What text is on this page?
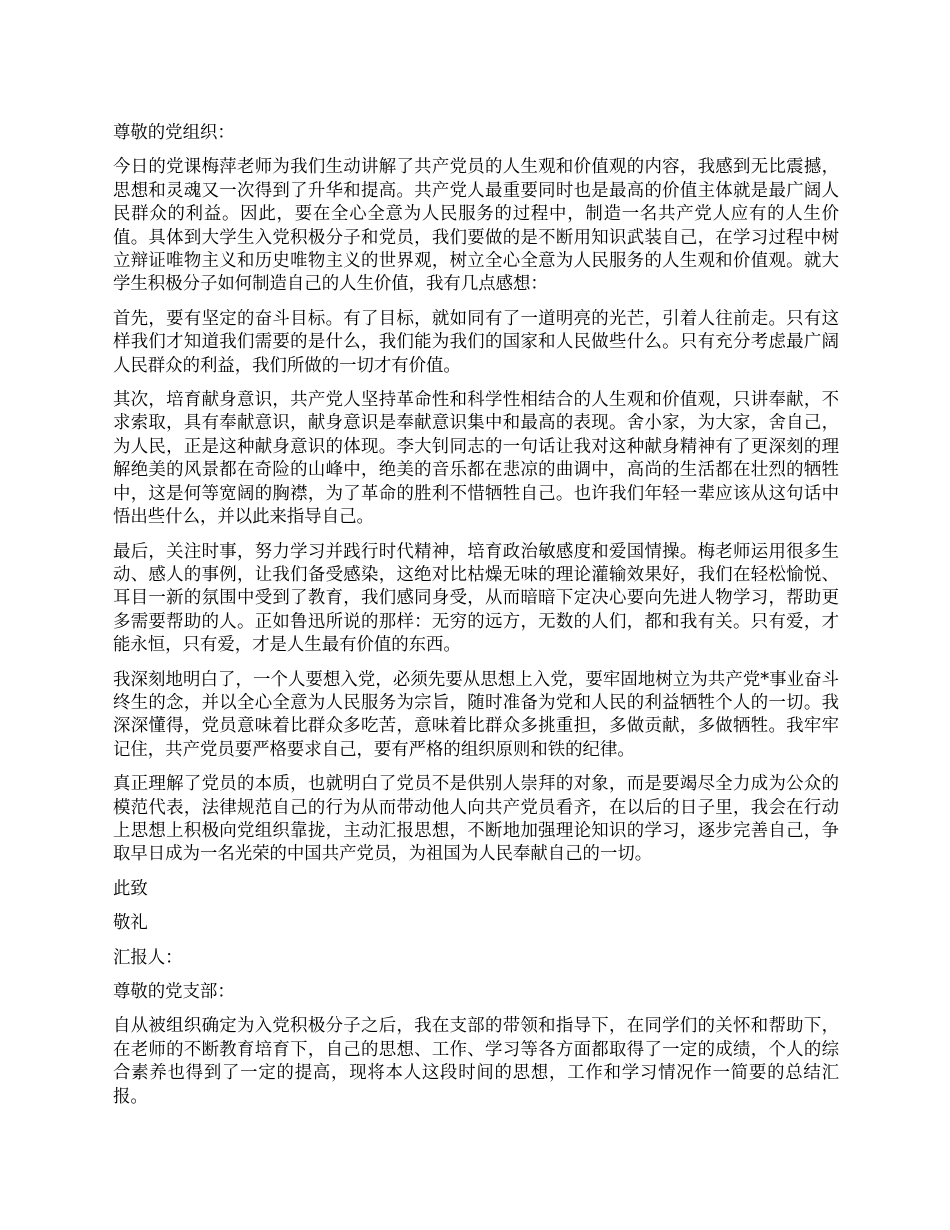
尊敬的党组织：

今日的党课梅萍老师为我们生动讲解了共产党员的人生观和价值观的内容，我感到无比震撼，思想和灵魂又一次得到了升华和提高。共产党人最重要同时也是最高的价值主体就是最广阔人民群众的利益。因此，要在全心全意为人民服务的过程中，制造一名共产党人应有的人生价值。具体到大学生入党积极分子和党员，我们要做的是不断用知识武装自己，在学习过程中树立辩证唯物主义和历史唯物主义的世界观，树立全心全意为人民服务的人生观和价值观。就大学生积极分子如何制造自己的人生价值，我有几点感想：

首先，要有坚定的奋斗目标。有了目标，就如同有了一道明亮的光芒，引着人往前走。只有这样我们才知道我们需要的是什么，我们能为我们的国家和人民做些什么。只有充分考虑最广阔人民群众的利益，我们所做的一切才有价值。

其次，培育献身意识，共产党人坚持革命性和科学性相结合的人生观和价值观，只讲奉献，不求索取，具有奉献意识，献身意识是奉献意识集中和最高的表现。舍小家，为大家，舍自己，为人民，正是这种献身意识的体现。李大钊同志的一句话让我对这种献身精神有了更深刻的理解绝美的风景都在奇险的山峰中，绝美的音乐都在悲凉的曲调中，高尚的生活都在壮烈的牺牲中，这是何等宽阔的胸襟，为了革命的胜利不惜牺牲自己。也许我们年轻一辈应该从这句话中悟出些什么，并以此来指导自己。

最后，关注时事，努力学习并践行时代精神，培育政治敏感度和爱国情操。梅老师运用很多生动、感人的事例，让我们备受感染，这绝对比枯燥无味的理论灌输效果好，我们在轻松愉悦、耳目一新的氛围中受到了教育，我们感同身受，从而暗暗下定决心要向先进人物学习，帮助更多需要帮助的人。正如鲁迅所说的那样：无穷的远方，无数的人们，都和我有关。只有爱，才能永恒，只有爱，才是人生最有价值的东西。

我深刻地明白了，一个人要想入党，必须先要从思想上入党，要牢固地树立为共产党*事业奋斗终生的念，并以全心全意为人民服务为宗旨，随时准备为党和人民的利益牺牲个人的一切。我深深懂得，党员意味着比群众多吃苦，意味着比群众多挑重担，多做贡献，多做牺牲。我牢牢记住，共产党员要严格要求自己，要有严格的组织原则和铁的纪律。

真正理解了党员的本质，也就明白了党员不是供别人崇拜的对象，而是要竭尽全力成为公众的模范代表，法律规范自己的行为从而带动他人向共产党员看齐，在以后的日子里，我会在行动上思想上积极向党组织靠拢，主动汇报思想，不断地加强理论知识的学习，逐步完善自己，争取早日成为一名光荣的中国共产党员，为祖国为人民奉献自己的一切。

此致

敬礼

汇报人：

尊敬的党支部：

自从被组织确定为入党积极分子之后，我在支部的带领和指导下，在同学们的关怀和帮助下，在老师的不断教育培育下，自己的思想、工作、学习等各方面都取得了一定的成绩，个人的综合素养也得到了一定的提高，现将本人这段时间的思想，工作和学习情况作一简要的总结汇报。
